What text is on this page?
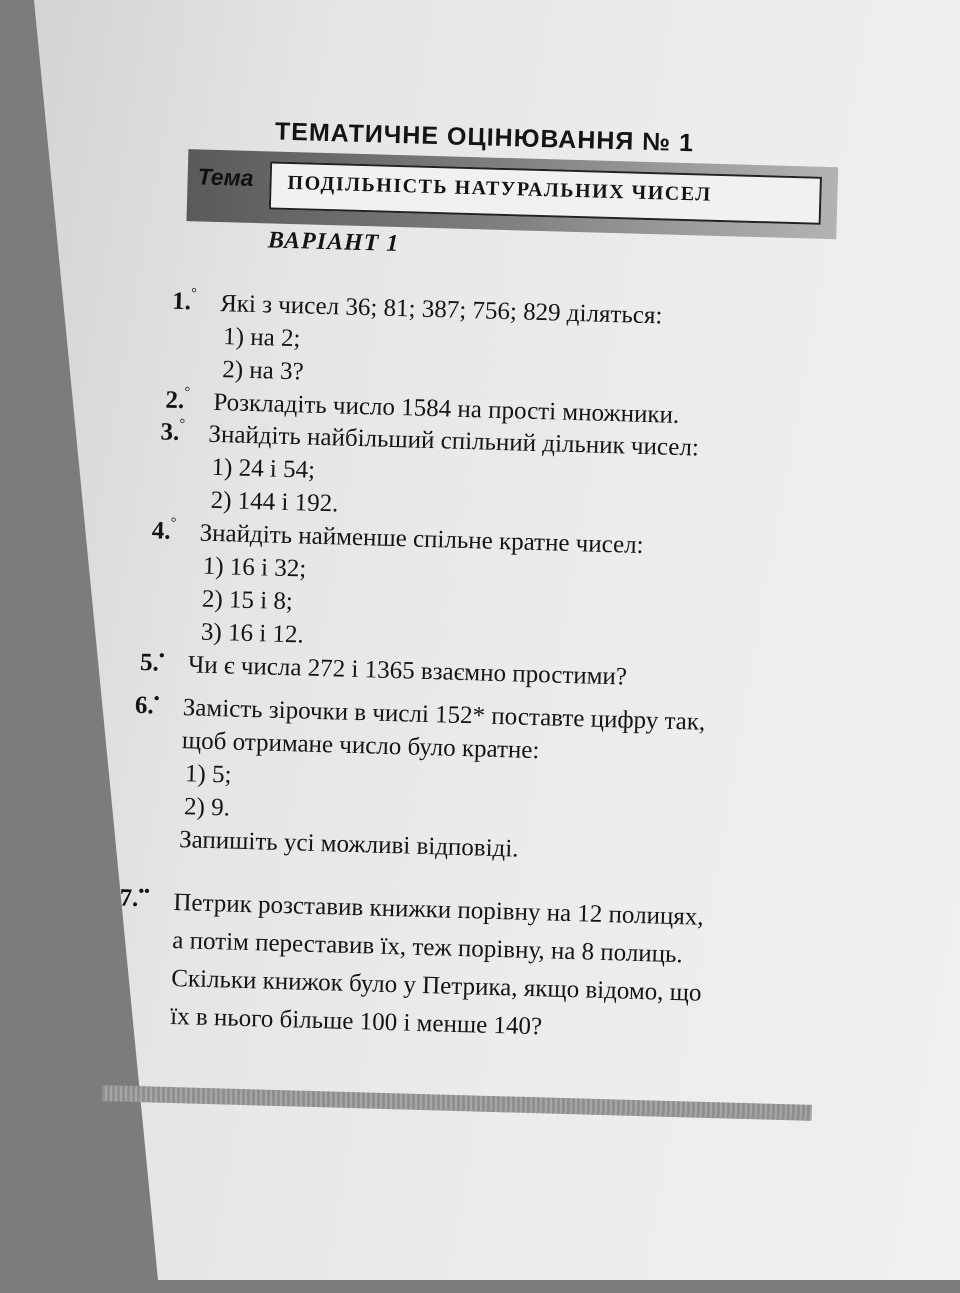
ТЕМАТИЧНЕ ОЦІНЮВАННЯ № 1
Тема ПОДІЛЬНІСТЬ НАТУРАЛЬНИХ ЧИСЕЛ
ВАРІАНТ 1
1.° Які з чисел 36; 81; 387; 756; 829 діляться:
1) на 2;
2) на 3?
2.° Розкладіть число 1584 на прості множники.
3.° Знайдіть найбільший спільний дільник чисел:
1) 24 і 54;
2) 144 і 192.
4.° Знайдіть найменше спільне кратне чисел:
1) 16 і 32;
2) 15 і 8;
3) 16 і 12.
5.• Чи є числа 272 і 1365 взаємно простими?
6.• Замість зірочки в числі 152* поставте цифру так,
щоб отримане число було кратне:
1) 5;
2) 9.
Запишіть усі можливі відповіді.
7.•• Петрик розставив книжки порівну на 12 полицях,
а потім переставив їх, теж порівну, на 8 полиць.
Скільки книжок було у Петрика, якщо відомо, що
їх в нього більше 100 і менше 140?
